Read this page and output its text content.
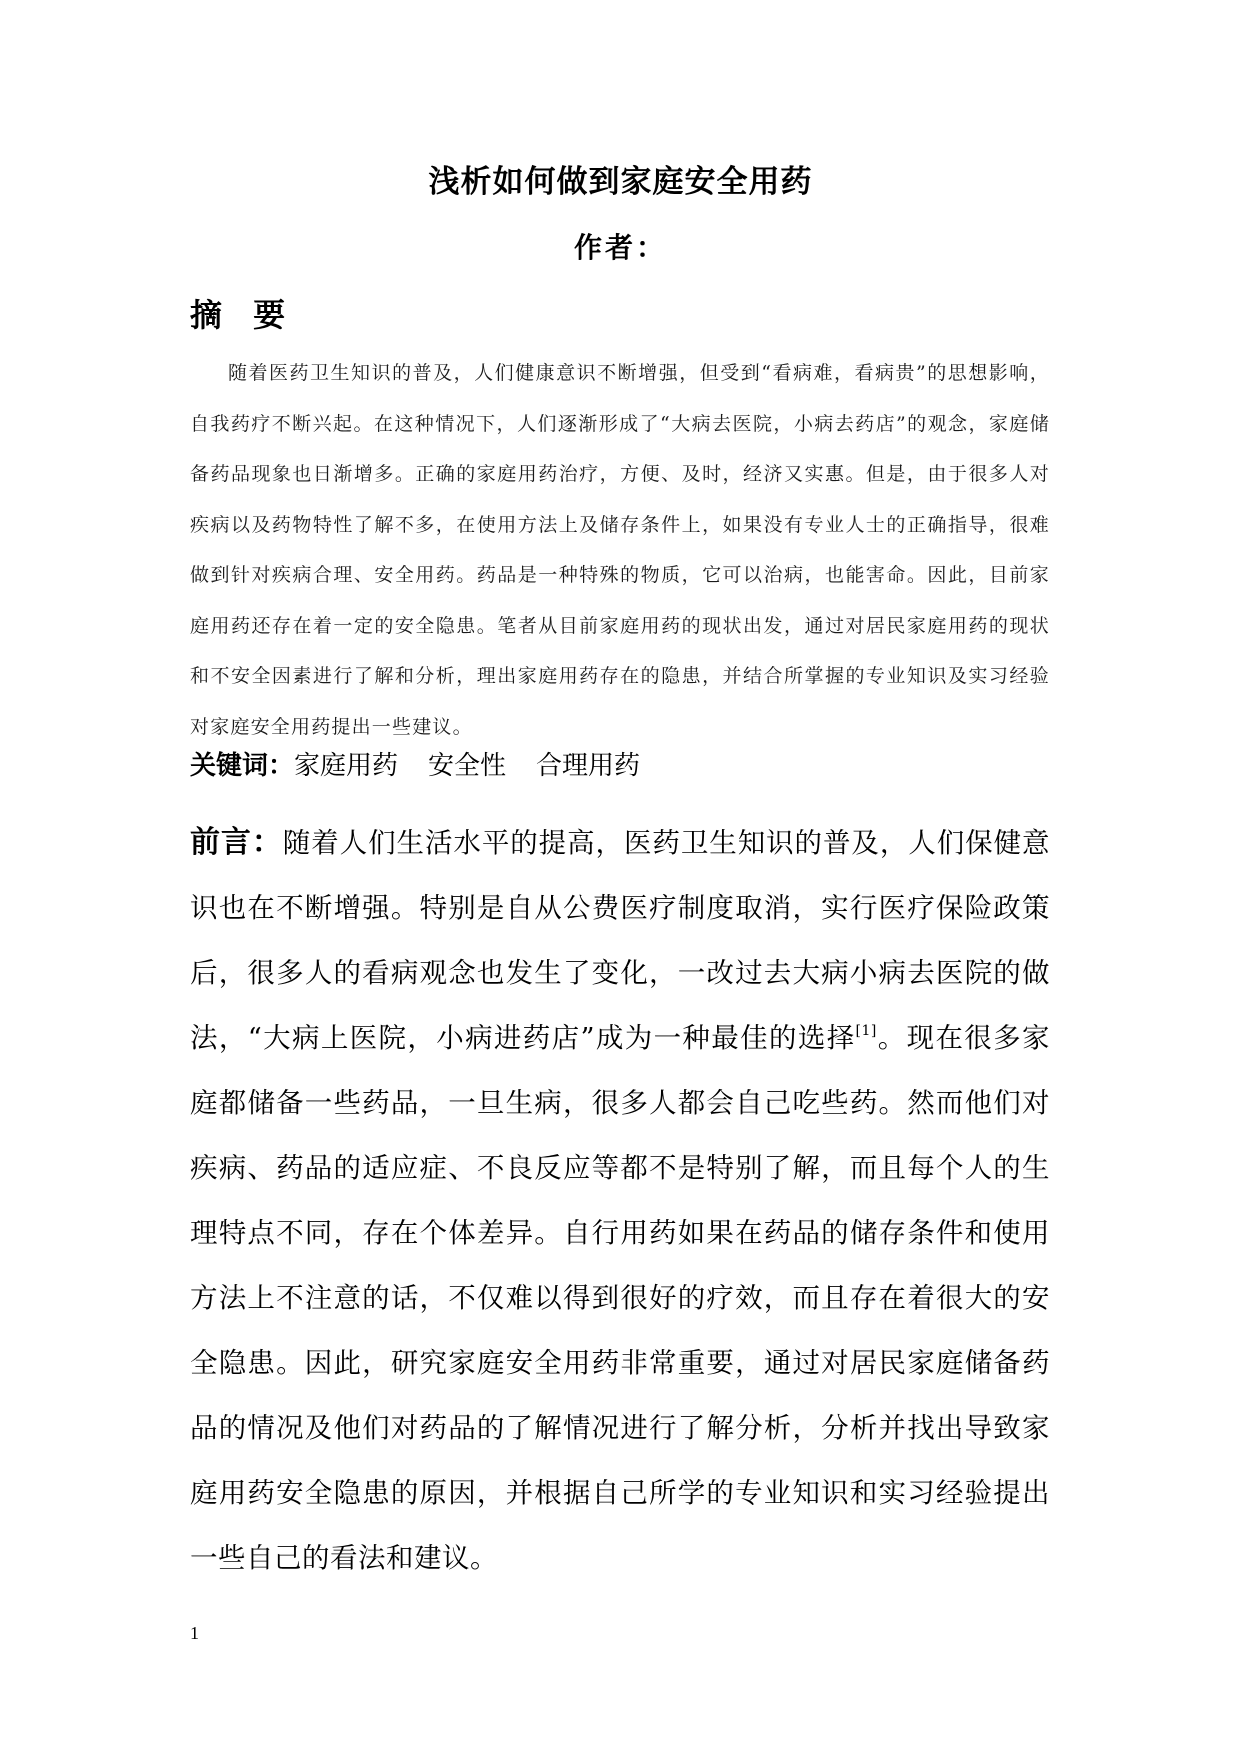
浅析如何做到家庭安全用药
作者：
摘 要

随着医药卫生知识的普及，人们健康意识不断增强，但受到“看病难，看病贵”的思想影响，自我药疗不断兴起。在这种情况下，人们逐渐形成了“大病去医院，小病去药店”的观念，家庭储备药品现象也日渐增多。正确的家庭用药治疗，方便、及时，经济又实惠。但是，由于很多人对疾病以及药物特性了解不多，在使用方法上及储存条件上，如果没有专业人士的正确指导，很难做到针对疾病合理、安全用药。药品是一种特殊的物质，它可以治病，也能害命。因此，目前家庭用药还存在着一定的安全隐患。笔者从目前家庭用药的现状出发，通过对居民家庭用药的现状和不安全因素进行了解和分析，理出家庭用药存在的隐患，并结合所掌握的专业知识及实习经验对家庭安全用药提出一些建议。

关键词：家庭用药 安全性 合理用药

前言：随着人们生活水平的提高，医药卫生知识的普及，人们保健意识也在不断增强。特别是自从公费医疗制度取消，实行医疗保险政策后，很多人的看病观念也发生了变化，一改过去大病小病去医院的做法，“大病上医院，小病进药店”成为一种最佳的选择[1]。现在很多家庭都储备一些药品，一旦生病，很多人都会自己吃些药。然而他们对疾病、药品的适应症、不良反应等都不是特别了解，而且每个人的生理特点不同，存在个体差异。自行用药如果在药品的储存条件和使用方法上不注意的话，不仅难以得到很好的疗效，而且存在着很大的安全隐患。因此，研究家庭安全用药非常重要，通过对居民家庭储备药品的情况及他们对药品的了解情况进行了解分析，分析并找出导致家庭用药安全隐患的原因，并根据自己所学的专业知识和实习经验提出一些自己的看法和建议。

1
